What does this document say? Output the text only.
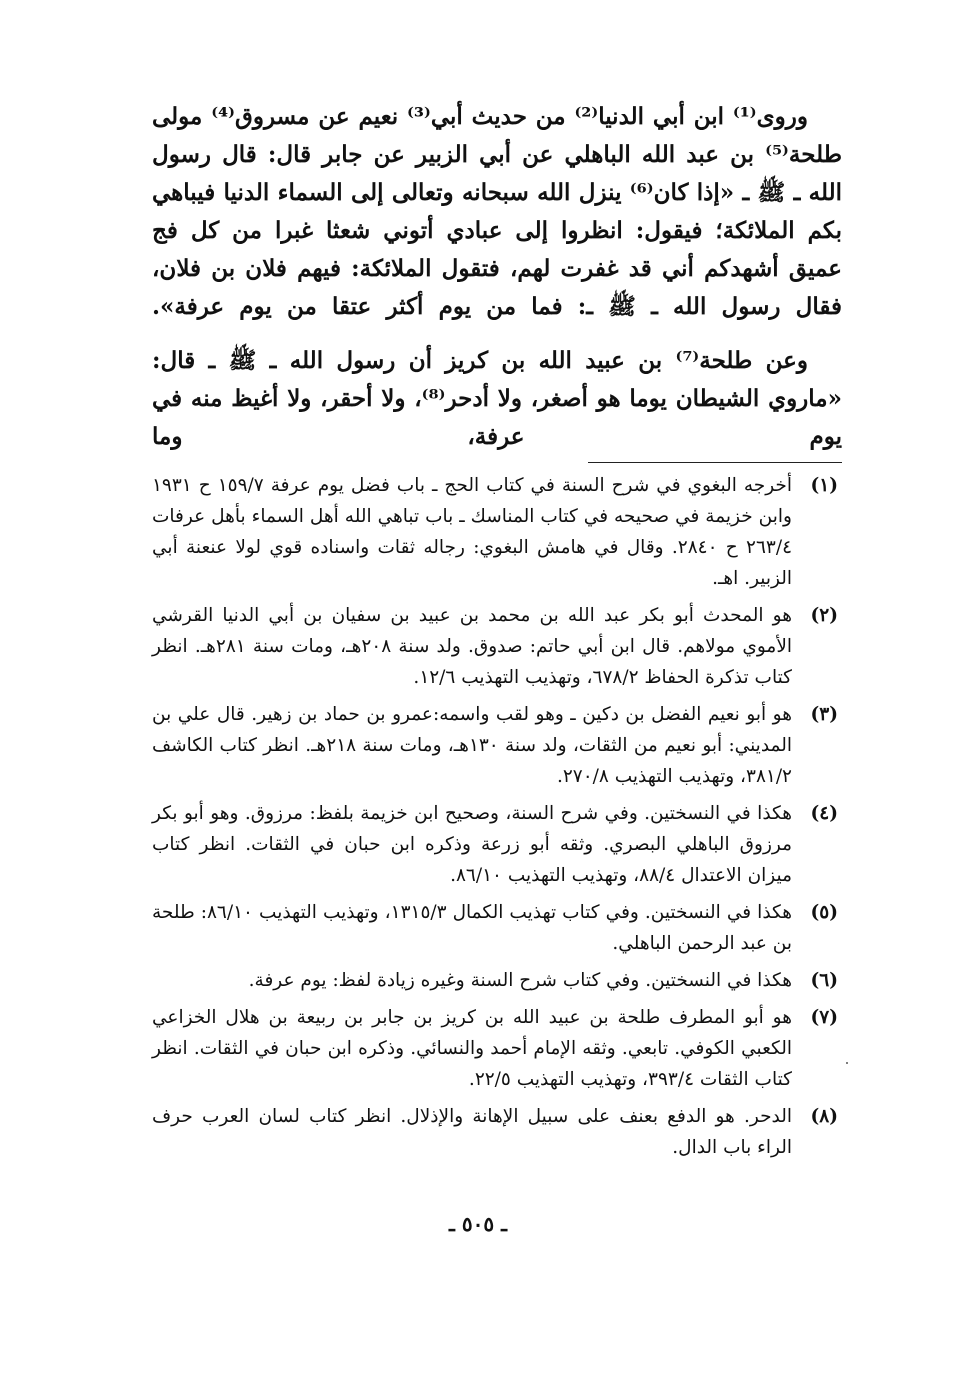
وروى⁽¹⁾ ابن أبي الدنيا⁽²⁾ من حديث أبي⁽³⁾ نعيم عن مسروق⁽⁴⁾ مولى طلحة⁽⁵⁾ بن عبد الله الباهلي عن أبي الزبير عن جابر قال: قال رسول الله ـ ﷺ ـ «إذا كان⁽⁶⁾ ينزل الله سبحانه وتعالى إلى السماء الدنيا فيباهي بكم الملائكة؛ فيقول: انظروا إلى عبادي أتوني شعثا غبرا من كل فج عميق أشهدكم أني قد غفرت لهم، فتقول الملائكة: فيهم فلان بن فلان، فقال رسول الله ـ ﷺ ـ: فما من يوم أكثر عتقا من يوم عرفة».

وعن طلحة⁽⁷⁾ بن عبيد الله بن كريز أن رسول الله ـ ﷺ ـ قال: «ماروي الشيطان يوما هو أصغر، ولا أدحر⁽⁸⁾، ولا أحقر، ولا أغيظ منه في يوم عرفة، وما

(١)
أخرجه البغوي في شرح السنة في كتاب الحج ـ باب فضل يوم عرفة ١٥٩/٧ ح ١٩٣١ وابن خزيمة في صحيحه في كتاب المناسك ـ باب تباهي الله أهل السماء بأهل عرفات ٢٦٣/٤ ح ٢٨٤٠. وقال في هامش البغوي: رجاله ثقات واسناده قوي لولا عنعنة أبي الزبير. اهـ.
(٢)
هو المحدث أبو بكر عبد الله بن محمد بن عبيد بن سفيان بن أبي الدنيا القرشي الأموي مولاهم. قال ابن أبي حاتم: صدوق. ولد سنة ٢٠٨هـ، ومات سنة ٢٨١هـ. انظر كتاب تذكرة الحفاظ ٦٧٨/٢، وتهذيب التهذيب ١٢/٦.
(٣)
هو أبو نعيم الفضل بن دكين ـ وهو لقب واسمه:عمرو بن حماد بن زهير. قال علي بن المديني: أبو نعيم من الثقات، ولد سنة ١٣٠هـ، ومات سنة ٢١٨هـ. انظر كتاب الكاشف ٣٨١/٢، وتهذيب التهذيب ٢٧٠/٨.
(٤)
هكذا في النسختين. وفي شرح السنة، وصحيح ابن خزيمة بلفظ: مرزوق. وهو أبو بكر مرزوق الباهلي البصري. وثقه أبو زرعة وذكره ابن حبان في الثقات. انظر كتاب ميزان الاعتدال ٨٨/٤، وتهذيب التهذيب ٨٦/١٠.
(٥)
هكذا في النسختين. وفي كتاب تهذيب الكمال ١٣١٥/٣، وتهذيب التهذيب ٨٦/١٠: طلحة بن عبد الرحمن الباهلي.
(٦)
هكذا في النسختين. وفي كتاب شرح السنة وغيره زيادة لفظ: يوم عرفة.
(٧)
هو أبو المطرف طلحة بن عبيد الله بن كريز بن جابر بن ربيعة بن هلال الخزاعي الكعبي الكوفي. تابعي. وثقه الإمام أحمد والنسائي. وذكره ابن حبان في الثقات. انظر كتاب الثقات ٣٩٣/٤، وتهذيب التهذيب ٢٢/٥.
(٨)
الدحر. هو الدفع بعنف على سبيل الإهانة والإذلال. انظر كتاب لسان العرب حرف الراء باب الدال.
ـ ٥٠٥ ـ
